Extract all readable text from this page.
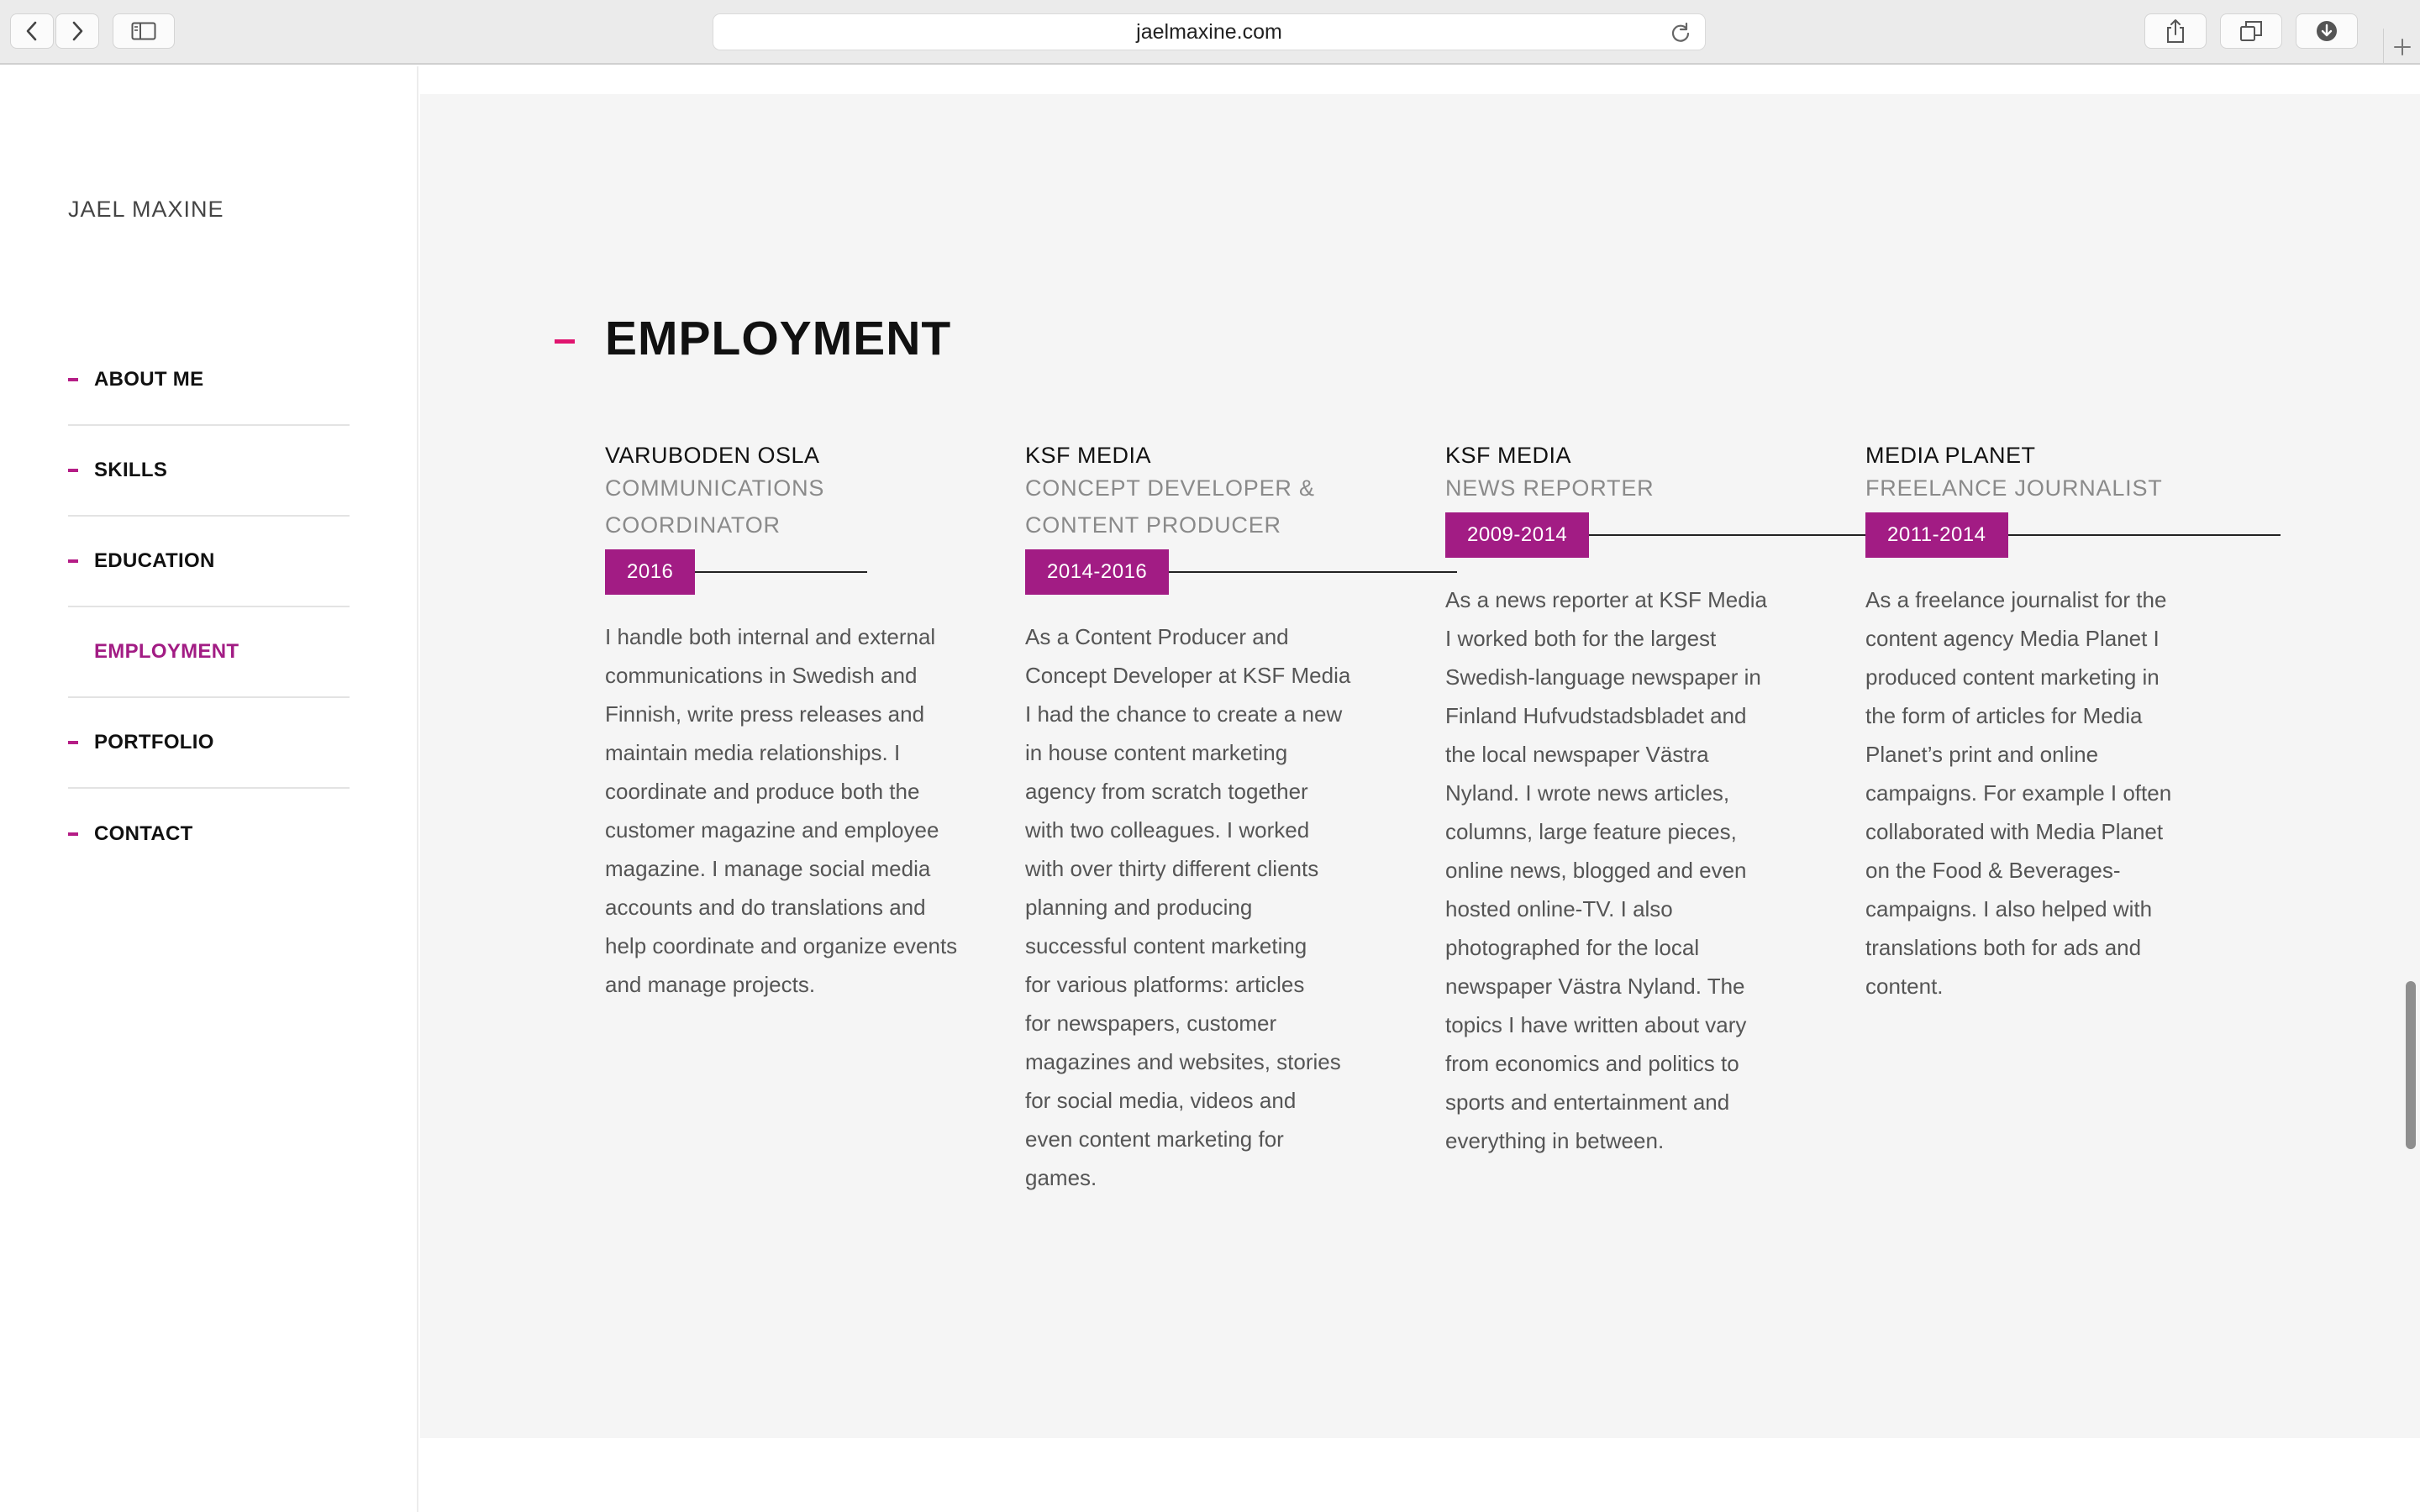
jaelmaxine.com
JAEL MAXINE
ABOUT ME
SKILLS
EDUCATION
EMPLOYMENT
PORTFOLIO
CONTACT
EMPLOYMENT
VARUBODEN OSLA
COMMUNICATIONS
COORDINATOR
2016
I handle both internal and external
communications in Swedish and
Finnish, write press releases and
maintain media relationships. I
coordinate and produce both the
customer magazine and employee
magazine. I manage social media
accounts and do translations and
help coordinate and organize events
and manage projects.
KSF MEDIA
CONCEPT DEVELOPER &
CONTENT PRODUCER
2014-2016
As a Content Producer and
Concept Developer at KSF Media
I had the chance to create a new
in house content marketing
agency from scratch together
with two colleagues. I worked
with over thirty different clients
planning and producing
successful content marketing
for various platforms: articles
for newspapers, customer
magazines and websites, stories
for social media, videos and
even content marketing for
games.
KSF MEDIA
NEWS REPORTER
2009-2014
As a news reporter at KSF Media
I worked both for the largest
Swedish-language newspaper in
Finland Hufvudstadsbladet and
the local newspaper Västra
Nyland. I wrote news articles,
columns, large feature pieces,
online news, blogged and even
hosted online-TV. I also
photographed for the local
newspaper Västra Nyland. The
topics I have written about vary
from economics and politics to
sports and entertainment and
everything in between.
MEDIA PLANET
FREELANCE JOURNALIST
2011-2014
As a freelance journalist for the
content agency Media Planet I
produced content marketing in
the form of articles for Media
Planet’s print and online
campaigns. For example I often
collaborated with Media Planet
on the Food & Beverages-
campaigns. I also helped with
translations both for ads and
content.
